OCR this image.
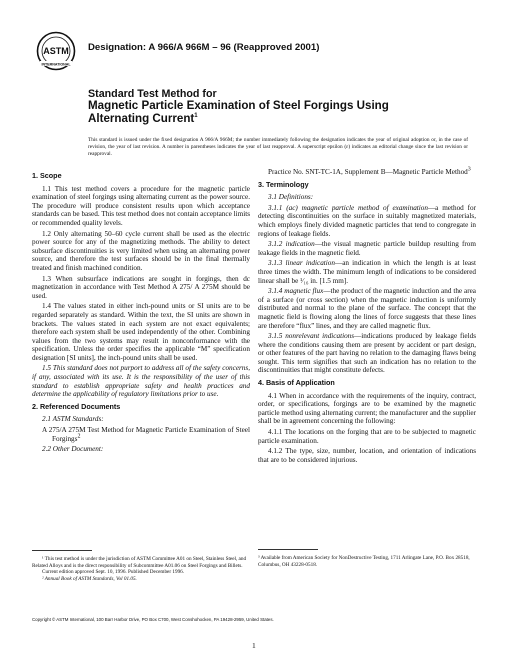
ASTM
INTERNATIONAL
Designation: A 966/A 966M – 96 (Reapproved 2001)
Standard Test Method for
Magnetic Particle Examination of Steel Forgings Using
Alternating Current$^1$
This standard is issued under the fixed designation A 966/A 966M; the number immediately following the designation indicates the year of original adoption or, in the case of revision, the year of last revision. A number in parentheses indicates the year of last reapproval. A superscript epsilon (ε) indicates an editorial change since the last revision or reapproval.
1. Scope

1.1 This test method covers a procedure for the magnetic particle examination of steel forgings using alternating current as the power source. The procedure will produce consistent results upon which acceptance standards can be based. This test method does not contain acceptance limits or recommended quality levels.

1.2 Only alternating 50–60 cycle current shall be used as the electric power source for any of the magnetizing methods. The ability to detect subsurface discontinuities is very limited when using an alternating power source, and therefore the test surfaces should be in the final thermally treated and finish machined condition.

1.3 When subsurface indications are sought in forgings, then dc magnetization in accordance with Test Method A 275/ A 275M should be used.

1.4 The values stated in either inch-pound units or SI units are to be regarded separately as standard. Within the text, the SI units are shown in brackets. The values stated in each system are not exact equivalents; therefore each system shall be used independently of the other. Combining values from the two systems may result in nonconformance with the specification. Unless the order specifies the applicable “M” specification designation [SI units], the inch-pound units shall be used.

1.5 This standard does not purport to address all of the safety concerns, if any, associated with its use. It is the responsibility of the user of this standard to establish appropriate safety and health practices and determine the applicability of regulatory limitations prior to use.

2. Referenced Documents

2.1 ASTM Standards:

A 275/A 275M Test Method for Magnetic Particle Examination of Steel Forgings$^2$

2.2 Other Document:

Practice No. SNT-TC-1A, Supplement B—Magnetic Particle Method$^3$

3. Terminology

3.1 Definitions:

3.1.1 (ac) magnetic particle method of examination—a method for detecting discontinuities on the surface in suitably magnetized materials, which employs finely divided magnetic particles that tend to congregate in regions of leakage fields.

3.1.2 indication—the visual magnetic particle buildup resulting from leakage fields in the magnetic field.

3.1.3 linear indication—an indication in which the length is at least three times the width. The minimum length of indications to be considered linear shall be ¹⁄₁₆ in. [1.5 mm].

3.1.4 magnetic flux—the product of the magnetic induction and the area of a surface (or cross section) when the magnetic induction is uniformly distributed and normal to the plane of the surface. The concept that the magnetic field is flowing along the lines of force suggests that these lines are therefore “flux” lines, and they are called magnetic flux.

3.1.5 nonrelevant indications—indications produced by leakage fields where the conditions causing them are present by accident or part design, or other features of the part having no relation to the damaging flaws being sought. This term signifies that such an indication has no relation to the discontinuities that might constitute defects.

4. Basis of Application

4.1 When in accordance with the requirements of the inquiry, contract, order, or specifications, forgings are to be examined by the magnetic particle method using alternating current; the manufacturer and the supplier shall be in agreement concerning the following:

4.1.1 The locations on the forging that are to be subjected to magnetic particle examination.

4.1.2 The type, size, number, location, and orientation of indications that are to be considered injurious.

¹ This test method is under the jurisdiction of ASTM Committee A01 on Steel, Stainless Steel, and Related Alloys and is the direct responsibility of Subcommittee A01.06 on Steel Forgings and Billets.

Current edition approved Sept. 10, 1996. Published December 1996.

² Annual Book of ASTM Standards, Vol 01.05.

³ Available from American Society for NonDestructive Testing, 1711 Arlingate Lane, P.O. Box 28518, Columbus, OH 43228-0518.
Copyright © ASTM International, 100 Barr Harbor Drive, PO Box C700, West Conshohocken, PA 19428-2959, United States.
1
